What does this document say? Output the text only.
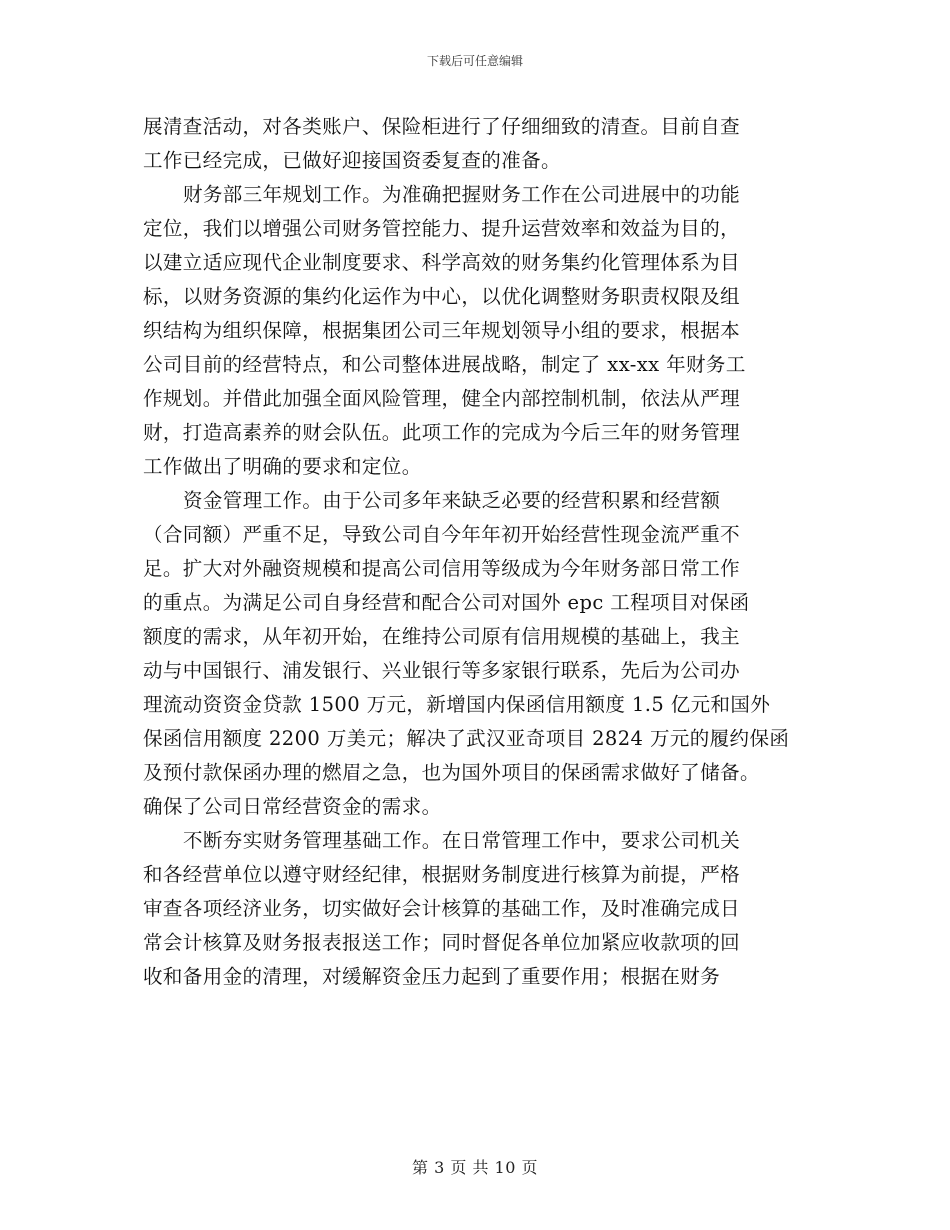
下载后可任意编辑
展清查活动，对各类账户、保险柜进行了仔细细致的清查。目前自查
工作已经完成，已做好迎接国资委复查的准备。
财务部三年规划工作。为准确把握财务工作在公司进展中的功能
定位，我们以增强公司财务管控能力、提升运营效率和效益为目的，
以建立适应现代企业制度要求、科学高效的财务集约化管理体系为目
标，以财务资源的集约化运作为中心，以优化调整财务职责权限及组
织结构为组织保障，根据集团公司三年规划领导小组的要求，根据本
公司目前的经营特点，和公司整体进展战略，制定了 xx-xx 年财务工
作规划。并借此加强全面风险管理，健全内部控制机制，依法从严理
财，打造高素养的财会队伍。此项工作的完成为今后三年的财务管理
工作做出了明确的要求和定位。
资金管理工作。由于公司多年来缺乏必要的经营积累和经营额
（合同额）严重不足，导致公司自今年年初开始经营性现金流严重不
足。扩大对外融资规模和提高公司信用等级成为今年财务部日常工作
的重点。为满足公司自身经营和配合公司对国外 epc 工程项目对保函
额度的需求，从年初开始，在维持公司原有信用规模的基础上，我主
动与中国银行、浦发银行、兴业银行等多家银行联系，先后为公司办
理流动资资金贷款 1500 万元，新增国内保函信用额度 1.5 亿元和国外
保函信用额度 2200 万美元；解决了武汉亚奇项目 2824 万元的履约保函
及预付款保函办理的燃眉之急，也为国外项目的保函需求做好了储备。
确保了公司日常经营资金的需求。
不断夯实财务管理基础工作。在日常管理工作中，要求公司机关
和各经营单位以遵守财经纪律，根据财务制度进行核算为前提，严格
审查各项经济业务，切实做好会计核算的基础工作，及时准确完成日
常会计核算及财务报表报送工作；同时督促各单位加紧应收款项的回
收和备用金的清理，对缓解资金压力起到了重要作用；根据在财务
第 3 页 共 10 页
